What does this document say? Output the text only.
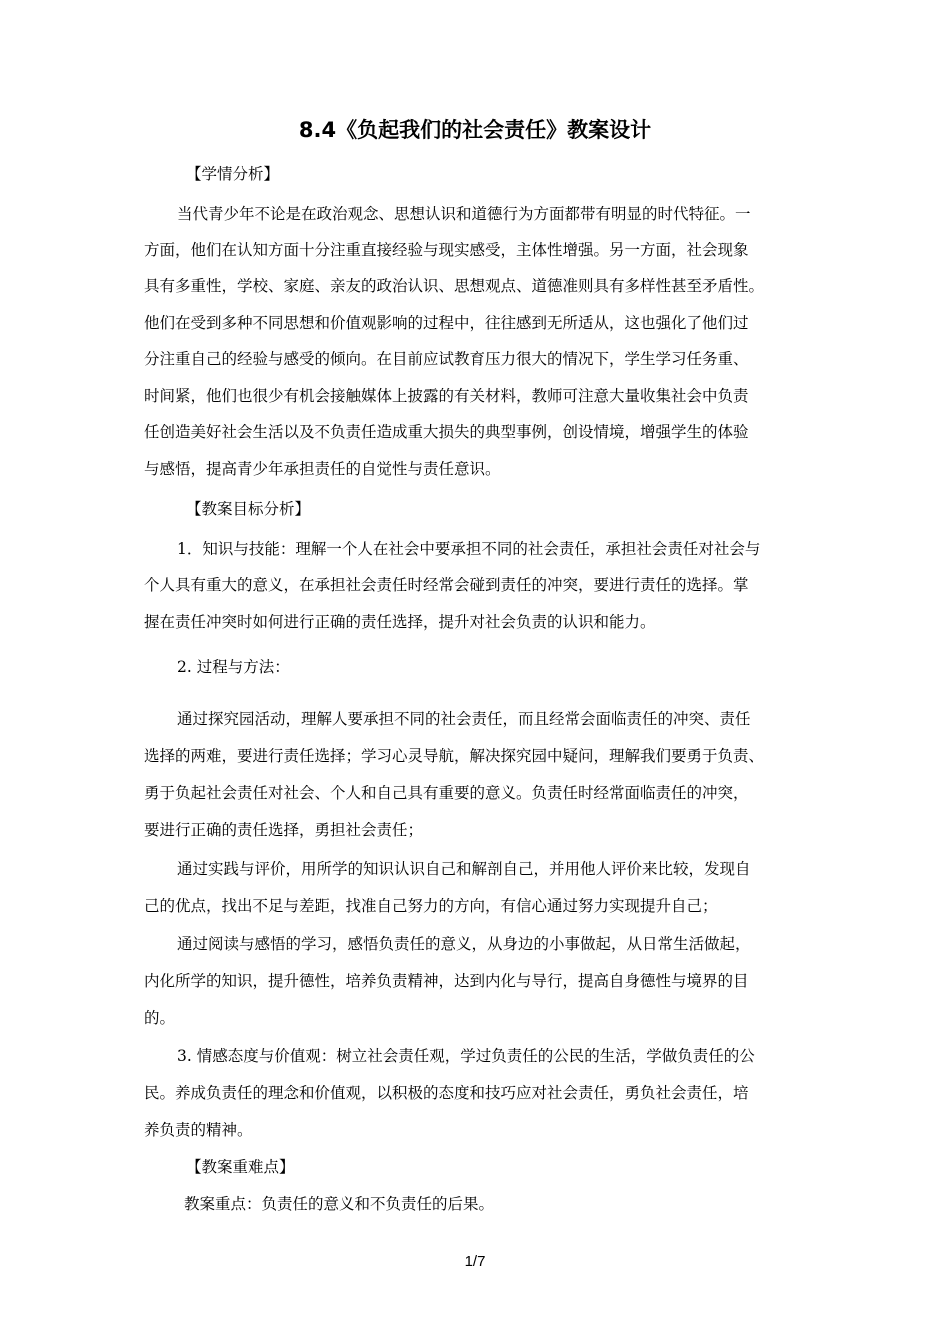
8.4《负起我们的社会责任》教案设计
【学情分析】
当代青少年不论是在政治观念、思想认识和道德行为方面都带有明显的时代特征。一
方面，他们在认知方面十分注重直接经验与现实感受，主体性增强。另一方面，社会现象
具有多重性，学校、家庭、亲友的政治认识、思想观点、道德准则具有多样性甚至矛盾性。
他们在受到多种不同思想和价值观影响的过程中，往往感到无所适从，这也强化了他们过
分注重自己的经验与感受的倾向。在目前应试教育压力很大的情况下，学生学习任务重、
时间紧，他们也很少有机会接触媒体上披露的有关材料，教师可注意大量收集社会中负责
任创造美好社会生活以及不负责任造成重大损失的典型事例，创设情境，增强学生的体验
与感悟，提高青少年承担责任的自觉性与责任意识。
【教案目标分析】
1．知识与技能：理解一个人在社会中要承担不同的社会责任，承担社会责任对社会与
个人具有重大的意义，在承担社会责任时经常会碰到责任的冲突，要进行责任的选择。掌
握在责任冲突时如何进行正确的责任选择，提升对社会负责的认识和能力。
2. 过程与方法：
通过探究园活动，理解人要承担不同的社会责任，而且经常会面临责任的冲突、责任
选择的两难，要进行责任选择；学习心灵导航，解决探究园中疑问，理解我们要勇于负责、
勇于负起社会责任对社会、个人和自己具有重要的意义。负责任时经常面临责任的冲突，
要进行正确的责任选择，勇担社会责任；
通过实践与评价，用所学的知识认识自己和解剖自己，并用他人评价来比较，发现自
己的优点，找出不足与差距，找准自己努力的方向，有信心通过努力实现提升自己；
通过阅读与感悟的学习，感悟负责任的意义，从身边的小事做起，从日常生活做起，
内化所学的知识，提升德性，培养负责精神，达到内化与导行，提高自身德性与境界的目
的。
3. 情感态度与价值观：树立社会责任观，学过负责任的公民的生活，学做负责任的公
民。养成负责任的理念和价值观，以积极的态度和技巧应对社会责任，勇负社会责任，培
养负责的精神。
【教案重难点】
教案重点：负责任的意义和不负责任的后果。
1/7
